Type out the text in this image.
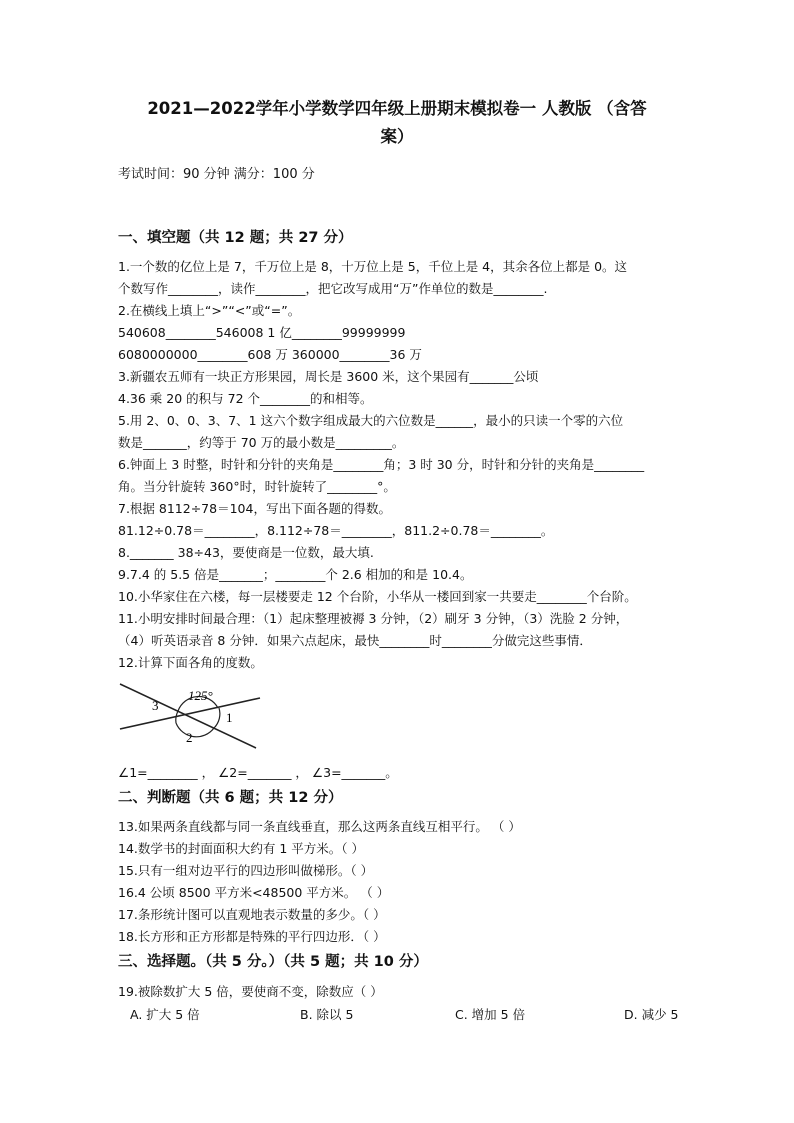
2021—2022学年小学数学四年级上册期末模拟卷一 人教版 （含答
案）
考试时间：90 分钟 满分：100 分
一、填空题（共 12 题；共 27 分）
1.一个数的亿位上是 7，千万位上是 8，十万位上是 5，千位上是 4，其余各位上都是 0。这
个数写作________，读作________，把它改写成用“万”作单位的数是________.
2.在横线上填上“>”“<”或“=”。
540608________546008 1 亿________99999999
6080000000________608 万 360000________36 万
3.新疆农五师有一块正方形果园，周长是 3600 米，这个果园有_______公顷
4.36 乘 20 的积与 72 个________的和相等。
5.用 2、0、0、3、7、1 这六个数字组成最大的六位数是______，最小的只读一个零的六位
数是_______，约等于 70 万的最小数是_________。
6.钟面上 3 时整，时针和分针的夹角是________角；3 时 30 分，时针和分针的夹角是________
角。当分针旋转 360°时，时针旋转了________°。
7.根据 8112÷78＝104，写出下面各题的得数。
81.12÷0.78＝________，8.112÷78＝________，811.2÷0.78＝________。
8._______ 38÷43，要使商是一位数，最大填.
9.7.4 的 5.5 倍是_______；________个 2.6 相加的和是 10.4。
10.小华家住在六楼，每一层楼要走 12 个台阶，小华从一楼回到家一共要走________个台阶。
11.小明安排时间最合理：（1）起床整理被褥 3 分钟，（2）刷牙 3 分钟，（3）洗脸 2 分钟，
（4）听英语录音 8 分钟．如果六点起床，最快________时________分做完这些事情．
12.计算下面各角的度数。
125°
1
2
3
∠1=________ ， ∠2=_______ ， ∠3=_______。
二、判断题（共 6 题；共 12 分）
13.如果两条直线都与同一条直线垂直，那么这两条直线互相平行。 （ ）
14.数学书的封面面积大约有 1 平方米。（ ）
15.只有一组对边平行的四边形叫做梯形。（ ）
16.4 公顷 8500 平方米<48500 平方米。 （ ）
17.条形统计图可以直观地表示数量的多少。（ ）
18.长方形和正方形都是特殊的平行四边形．（ ）
三、选择题。（共 5 分。）（共 5 题；共 10 分）
19.被除数扩大 5 倍，要使商不变，除数应（ ）
A. 扩大 5 倍	B. 除以 5	C. 增加 5 倍	D. 减少 5
